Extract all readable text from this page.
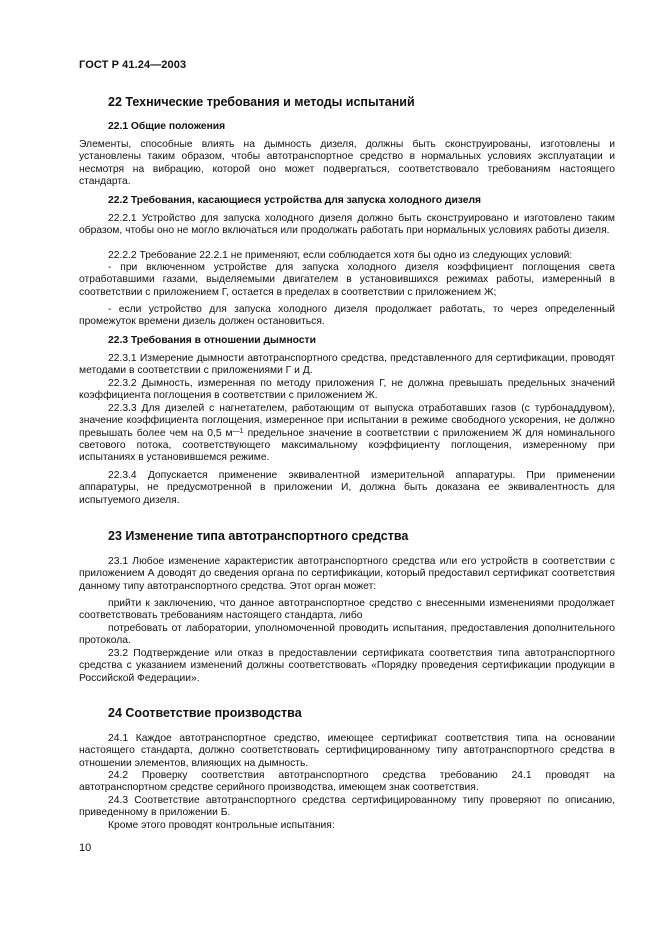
ГОСТ Р 41.24—2003
22 Технические требования и методы испытаний
22.1 Общие положения
Элементы, способные влиять на дымность дизеля, должны быть сконструированы, изготовлены и установлены таким образом, чтобы автотранспортное средство в нормальных условиях эксплуатации и несмотря на вибрацию, которой оно может подвергаться, соответствовало требованиям настоящего стандарта.
22.2 Требования, касающиеся устройства для запуска холодного дизеля
22.2.1 Устройство для запуска холодного дизеля должно быть сконструировано и изготовлено таким образом, чтобы оно не могло включаться или продолжать работать при нормальных условиях работы дизеля.
22.2.2 Требование 22.2.1 не применяют, если соблюдается хотя бы одно из следующих условий:
- при включенном устройстве для запуска холодного дизеля коэффициент поглощения света отработавшими газами, выделяемыми двигателем в установившихся режимах работы, измеренный в соответствии с приложением Г, остается в пределах в соответствии с приложением Ж;
- если устройство для запуска холодного дизеля продолжает работать, то через определенный промежуток времени дизель должен остановиться.
22.3 Требования в отношении дымности
22.3.1 Измерение дымности автотранспортного средства, представленного для сертификации, проводят методами в соответствии с приложениями Г и Д.
22.3.2 Дымность, измеренная по методу приложения Г, не должна превышать предельных значений коэффициента поглощения в соответствии с приложением Ж.
22.3.3 Для дизелей с нагнетателем, работающим от выпуска отработавших газов (с турбонаддувом), значение коэффициента поглощения, измеренное при испытании в режиме свободного ускорения, не должно превышать более чем на 0,5 $м^{—1}$ предельное значение в соответствии с приложением Ж для номинального светового потока, соответствующего максимальному коэффициенту поглощения, измеренному при испытаниях в установившемся режиме.
22.3.4 Допускается применение эквивалентной измерительной аппаратуры. При применении аппаратуры, не предусмотренной в приложении И, должна быть доказана ее эквивалентность для испытуемого дизеля.
23 Изменение типа автотранспортного средства
23.1 Любое изменение характеристик автотранспортного средства или его устройств в соответствии с приложением А доводят до сведения органа по сертификации, который предоставил сертификат соответствия данному типу автотранспортного средства. Этот орган может:
прийти к заключению, что данное автотранспортное средство с внесенными изменениями продолжает соответствовать требованиям настоящего стандарта, либо
потребовать от лаборатории, уполномоченной проводить испытания, предоставления дополнительного протокола.
23.2 Подтверждение или отказ в предоставлении сертификата соответствия типа автотранспортного средства с указанием изменений должны соответствовать «Порядку проведения сертификации продукции в Российской Федерации».
24 Соответствие производства
24.1 Каждое автотранспортное средство, имеющее сертификат соответствия типа на основании настоящего стандарта, должно соответствовать сертифицированному типу автотранспортного средства в отношении элементов, влияющих на дымность.
24.2 Проверку соответствия автотранспортного средства требованию 24.1 проводят на автотранспортном средстве серийного производства, имеющем знак соответствия.
24.3 Соответствие автотранспортного средства сертифицированному типу проверяют по описанию, приведенному в приложении Б.
Кроме этого проводят контрольные испытания:
10
